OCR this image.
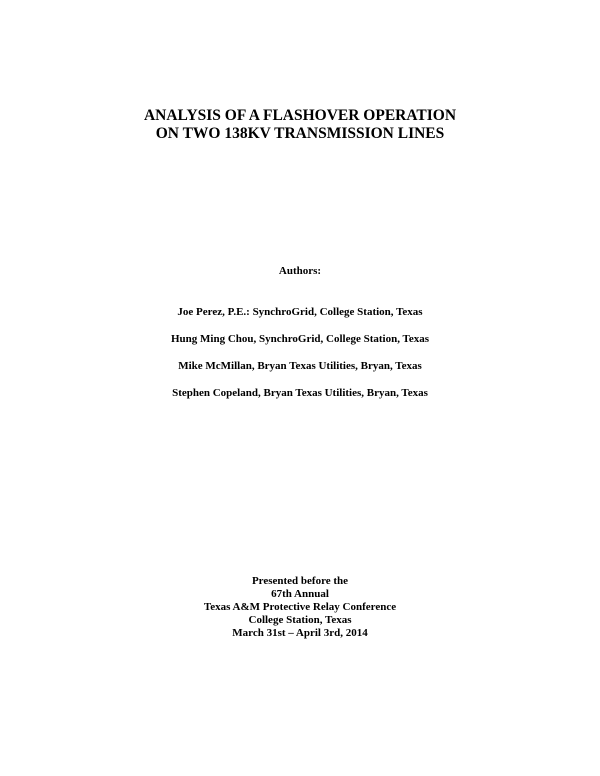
ANALYSIS OF A FLASHOVER OPERATION
ON TWO 138KV TRANSMISSION LINES
Authors:
Joe Perez, P.E.: SynchroGrid, College Station, Texas
Hung Ming Chou, SynchroGrid, College Station, Texas
Mike McMillan, Bryan Texas Utilities, Bryan, Texas
Stephen Copeland, Bryan Texas Utilities, Bryan, Texas
Presented before the
67th Annual
Texas A&M Protective Relay Conference
College Station, Texas
March 31st – April 3rd, 2014
